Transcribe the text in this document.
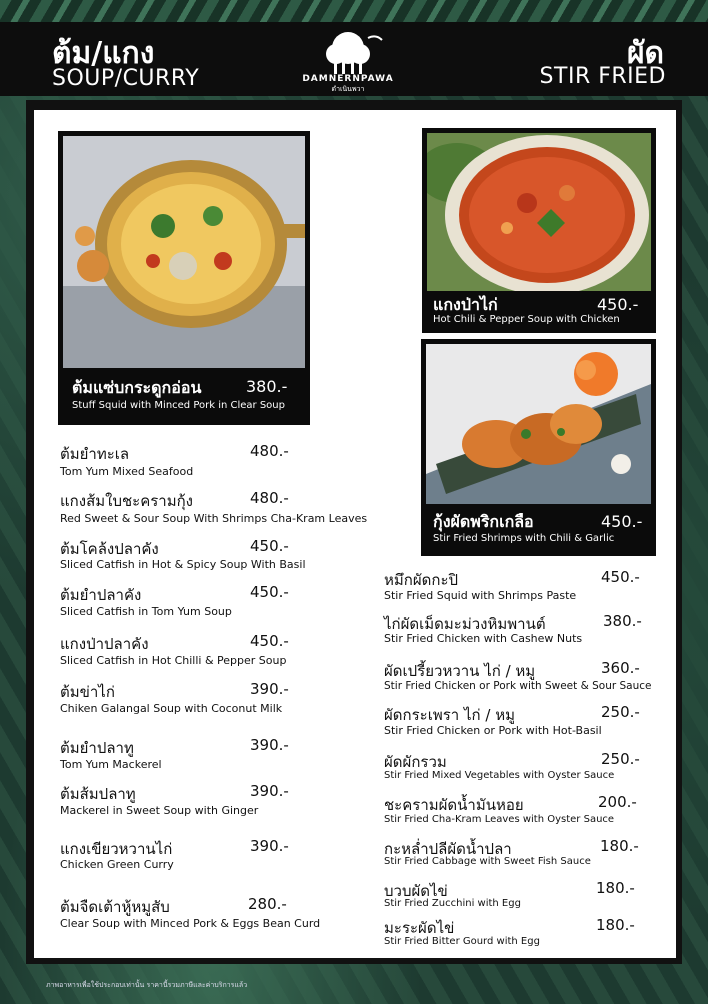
ต้ม/แกง
SOUP/CURRY
ผัด
STIR FRIED
DAMNERNPAWA
ดำเนินพวา
ต้มแซ่บกระดูกอ่อน	380.-
Stuff Squid with Minced Pork in Clear Soup
แกงป่าไก่	450.-
Hot Chili & Pepper Soup with Chicken
กุ้งผัดพริกเกลือ	450.-
Stir Fried Shrimps with Chili & Garlic
ต้มยำทะเล	480.-
Tom Yum Mixed Seafood
แกงส้มใบชะครามกุ้ง	480.-
Red Sweet & Sour Soup With Shrimps Cha-Kram Leaves
ต้มโคล้งปลาคัง	450.-
Sliced Catfish in Hot & Spicy Soup With Basil
ต้มยำปลาคัง	450.-
Sliced Catfish in Tom Yum Soup
แกงป่าปลาคัง	450.-
Sliced Catfish in Hot Chilli & Pepper Soup
ต้มข่าไก่	390.-
Chiken Galangal Soup with Coconut Milk
ต้มยำปลาทู	390.-
Tom Yum Mackerel
ต้มส้มปลาทู	390.-
Mackerel in Sweet Soup with Ginger
แกงเขียวหวานไก่	390.-
Chicken Green Curry
ต้มจืดเต้าหู้หมูสับ	280.-
Clear Soup with Minced Pork & Eggs Bean Curd
หมึกผัดกะปิ	450.-
Stir Fried Squid with Shrimps Paste
ไก่ผัดเม็ดมะม่วงหิมพานต์	380.-
Stir Fried Chicken with Cashew Nuts
ผัดเปรี้ยวหวาน ไก่ / หมู	360.-
Stir Fried Chicken or Pork with Sweet & Sour Sauce
ผัดกระเพรา ไก่ / หมู	250.-
Stir Fried Chicken or Pork with Hot-Basil
ผัดผักรวม	250.-
Stir Fried Mixed Vegetables with Oyster Sauce
ชะครามผัดน้ำมันหอย	200.-
Stir Fried Cha-Kram Leaves with Oyster Sauce
กะหล่ำปลีผัดน้ำปลา	180.-
Stir Fried Cabbage with Sweet Fish Sauce
บวบผัดไข่	180.-
Stir Fried Zucchini with Egg
มะระผัดไข่	180.-
Stir Fried Bitter Gourd with Egg
ภาพอาหารเพื่อใช้ประกอบเท่านั้น ราคานี้รวมภาษีและค่าบริการแล้ว
